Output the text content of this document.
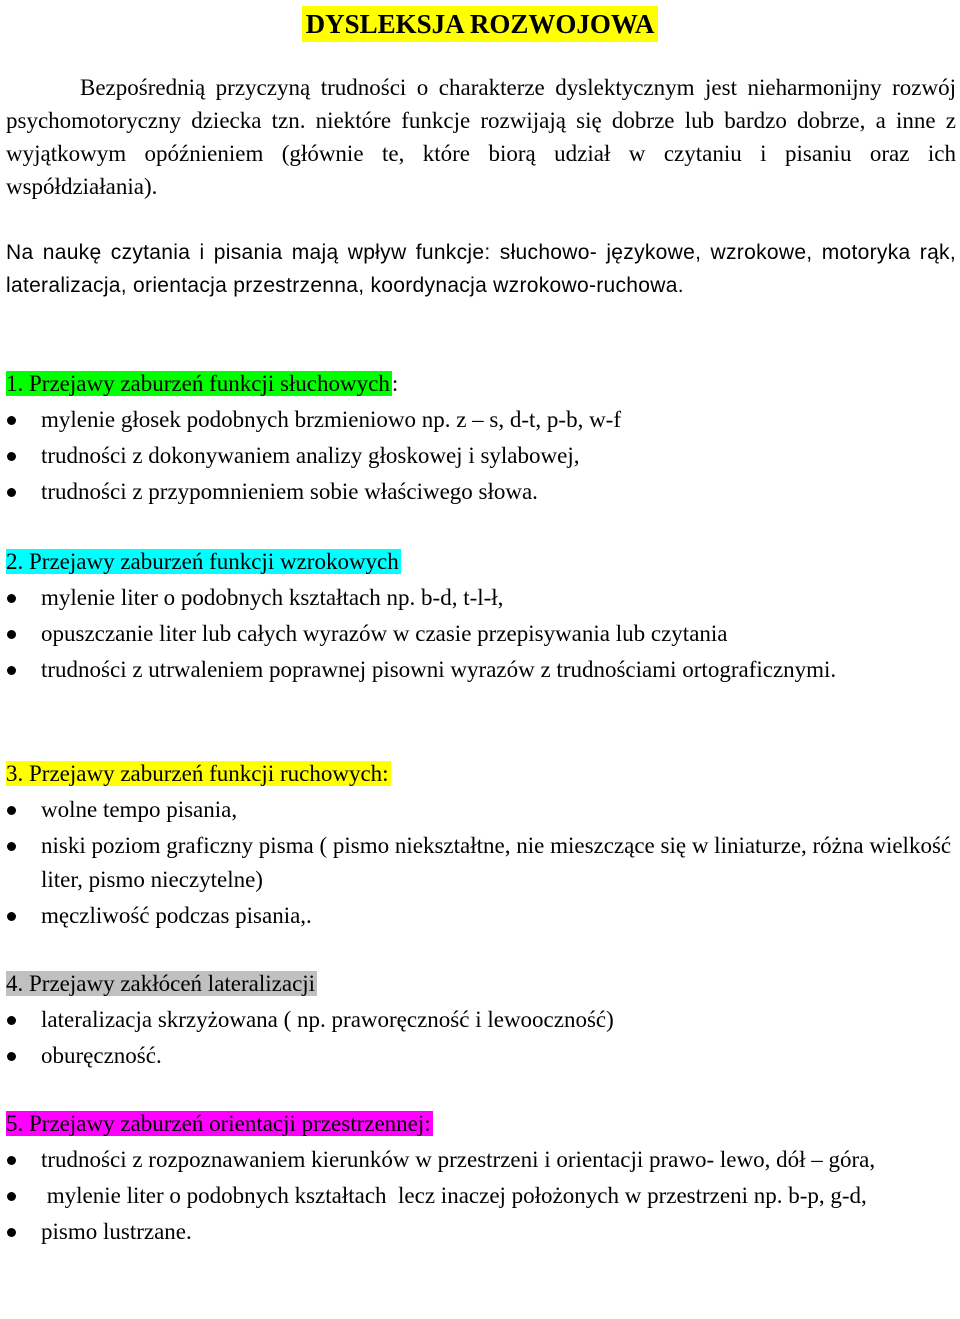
DYSLEKSJA ROZWOJOWA

Bezpośrednią przyczyną trudności o charakterze dyslektycznym jest nieharmonijny rozwój psychomotoryczny dziecka tzn. niektóre funkcje rozwijają się dobrze lub bardzo dobrze, a inne z wyjątkowym opóźnieniem (głównie te, które biorą udział w czytaniu i pisaniu oraz ich współdziałania).

Na naukę czytania i pisania mają wpływ funkcje: słuchowo- językowe, wzrokowe, motoryka rąk, lateralizacja, orientacja przestrzenna, koordynacja wzrokowo-ruchowa.

1. Przejawy zaburzeń funkcji słuchowych:
mylenie głosek podobnych brzmieniowo np. z – s, d-t, p-b, w-f
trudności z dokonywaniem analizy głoskowej i sylabowej,
trudności z przypomnieniem sobie właściwego słowa.
2. Przejawy zaburzeń funkcji wzrokowych
mylenie liter o podobnych kształtach np. b-d, t-l-ł,
opuszczanie liter lub całych wyrazów w czasie przepisywania lub czytania
trudności z utrwaleniem poprawnej pisowni wyrazów z trudnościami ortograficznymi.
3. Przejawy zaburzeń funkcji ruchowych:
wolne tempo pisania,
niski poziom graficzny pisma ( pismo niekształtne, nie mieszczące się w liniaturze, różna wielkość liter, pismo nieczytelne)
męczliwość podczas pisania,.
4. Przejawy zakłóceń lateralizacji
lateralizacja skrzyżowana ( np. praworęczność i lewooczność)
oburęczność.
5. Przejawy zaburzeń orientacji przestrzennej:
trudności z rozpoznawaniem kierunków w przestrzeni i orientacji prawo- lewo, dół – góra,
mylenie liter o podobnych kształtach  lecz inaczej położonych w przestrzeni np. b-p, g-d,
pismo lustrzane.
